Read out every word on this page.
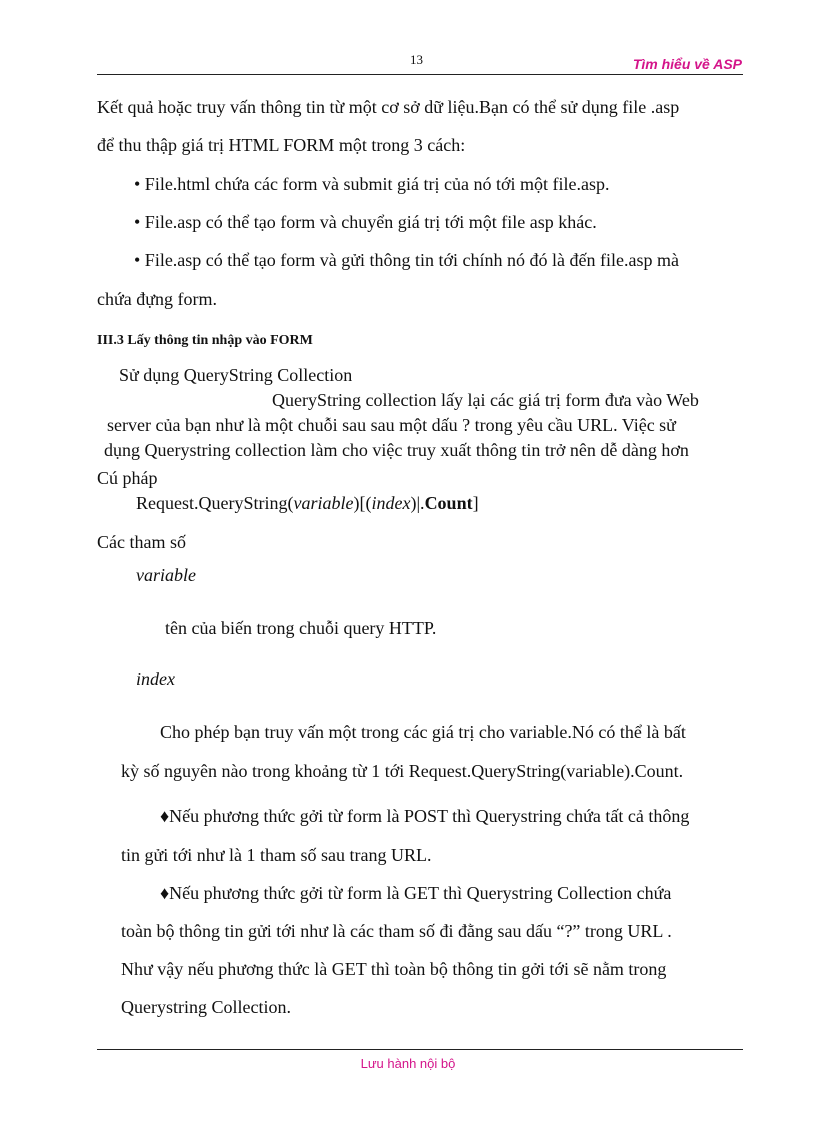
13	Tìm hiểu về ASP
Kết quả hoặc truy vấn thông tin từ một cơ sở dữ liệu.Bạn có thể sử dụng file .asp
để thu thập giá trị HTML FORM một trong 3 cách:
• File.html chứa các form và submit giá trị của nó tới một file.asp.
• File.asp có thể tạo form và chuyển giá trị tới một file asp khác.
• File.asp có thể tạo form và gửi thông tin tới chính nó đó là đến file.asp mà
chứa đựng form.
III.3 Lấy thông tin nhập vào FORM
Sử dụng QueryString Collection
QueryString collection lấy lại các giá trị form đưa vào Web
server của bạn như là một chuỗi sau sau một dấu ? trong yêu cầu URL. Việc sử
dụng Querystring collection làm cho việc truy xuất thông tin trở nên dễ dàng hơn
Cú pháp
Request.QueryString(variable)[(index)|.Count]
Các tham số
variable
tên của biến trong chuỗi query HTTP.
index
Cho phép bạn truy vấn một trong các giá trị cho variable.Nó có thể là bất
kỳ số nguyên nào trong khoảng từ 1 tới Request.QueryString(variable).Count.
♦Nếu phương thức gởi từ form là POST thì Querystring chứa tất cả thông
tin gửi tới như là 1 tham số sau trang URL.
♦Nếu phương thức gởi từ form là GET thì Querystring Collection chứa
toàn bộ thông tin gửi tới như là các tham số đi đằng sau dấu “?” trong URL .
Như vậy nếu phương thức là GET thì toàn bộ thông tin gởi tới sẽ nằm trong
Querystring Collection.
Lưu hành nội bộ
